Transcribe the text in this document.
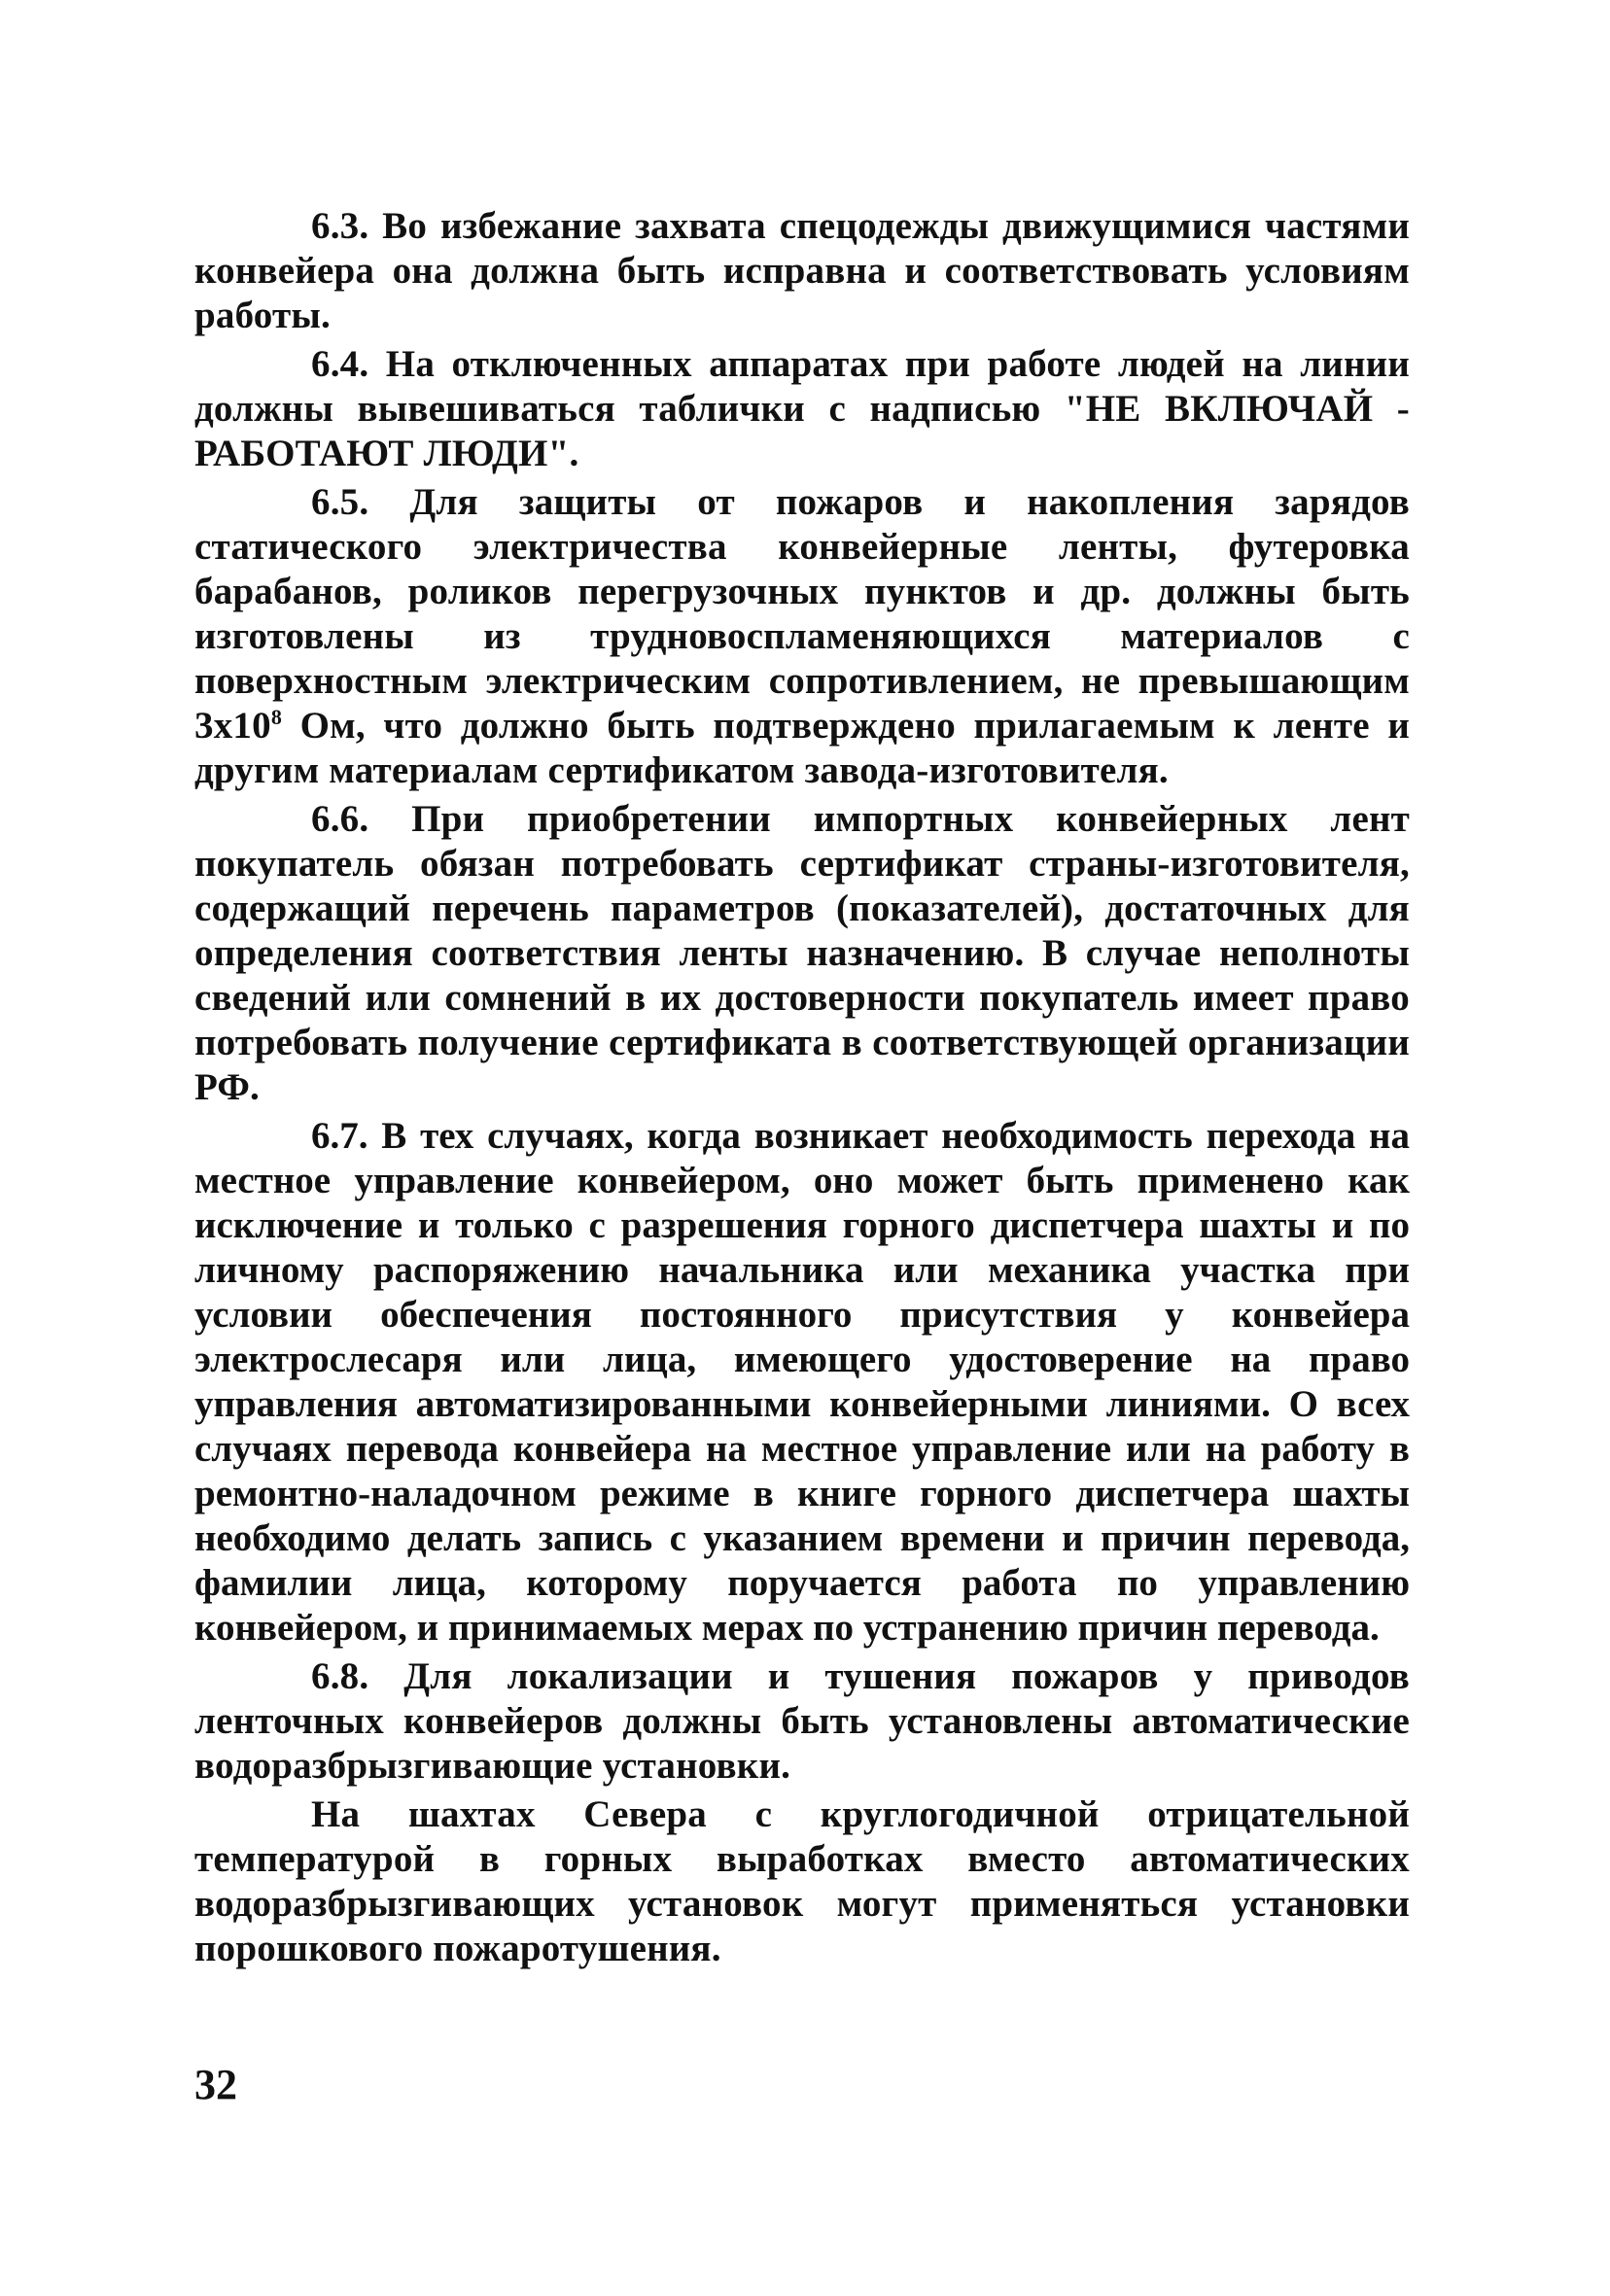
6.3. Во избежание захвата спецодежды движущимися частями конвейера она должна быть исправна и соответствовать условиям работы.

6.4. На отключенных аппаратах при работе людей на линии должны вывешиваться таблички с надписью "НЕ ВКЛЮЧАЙ - РАБОТАЮТ ЛЮДИ".

6.5. Для защиты от пожаров и накопления зарядов статического электричества конвейерные ленты, футеровка барабанов, роликов перегрузочных пунктов и др. должны быть изготовлены из трудновоспламеняющихся материалов с поверхностным электрическим сопротивлением, не превышающим $3x10^8$ Ом, что должно быть подтверждено прилагаемым к ленте и другим материалам сертификатом завода-изготовителя.

6.6. При приобретении импортных конвейерных лент покупатель обязан потребовать сертификат страны-изготовителя, содержащий перечень параметров (показателей), достаточных для определения соответствия ленты назначению. В случае неполноты сведений или сомнений в их достоверности покупатель имеет право потребовать получение сертификата в соответствующей организации РФ.

6.7. В тех случаях, когда возникает необходимость перехода на местное управление конвейером, оно может быть применено как исключение и только с разрешения горного диспетчера шахты и по личному распоряжению начальника или механика участка при условии обеспечения постоянного присутствия у конвейера электрослесаря или лица, имеющего удостоверение на право управления автоматизированными конвейерными линиями. О всех случаях перевода конвейера на местное управление или на работу в ремонтно-наладочном режиме в книге горного диспетчера шахты необходимо делать запись с указанием времени и причин перевода, фамилии лица, которому поручается работа по управлению конвейером, и принимаемых мерах по устранению причин перевода.

6.8. Для локализации и тушения пожаров у приводов ленточных конвейеров должны быть установлены автоматические водоразбрызгивающие установки.

На шахтах Севера с круглогодичной отрицательной температурой в горных выработках вместо автоматических водоразбрызгивающих установок могут применяться установки порошкового пожаротушения.

32
